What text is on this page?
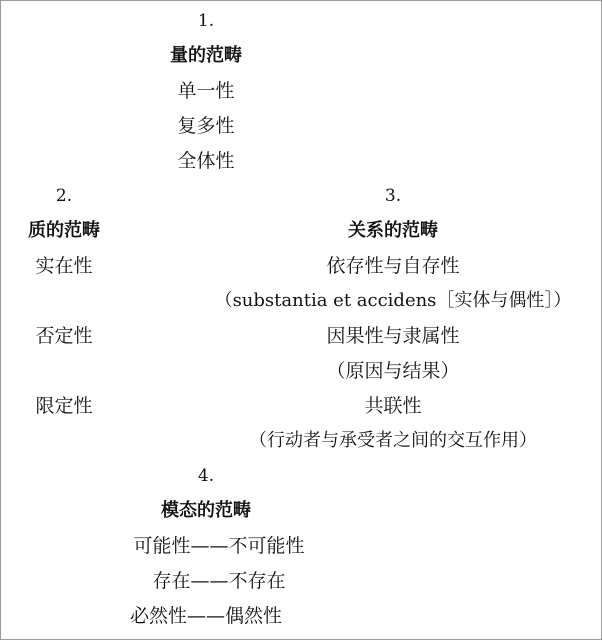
1.
量的范畴
单一性
复多性
全体性
2.
质的范畴
实在性
否定性
限定性
3.
关系的范畴
依存性与自存性
（substantia et accidens［实体与偶性］）
因果性与隶属性
（原因与结果）
共联性
（行动者与承受者之间的交互作用）
4.
模态的范畴
可能性——不可能性
存在——不存在
必然性——偶然性
